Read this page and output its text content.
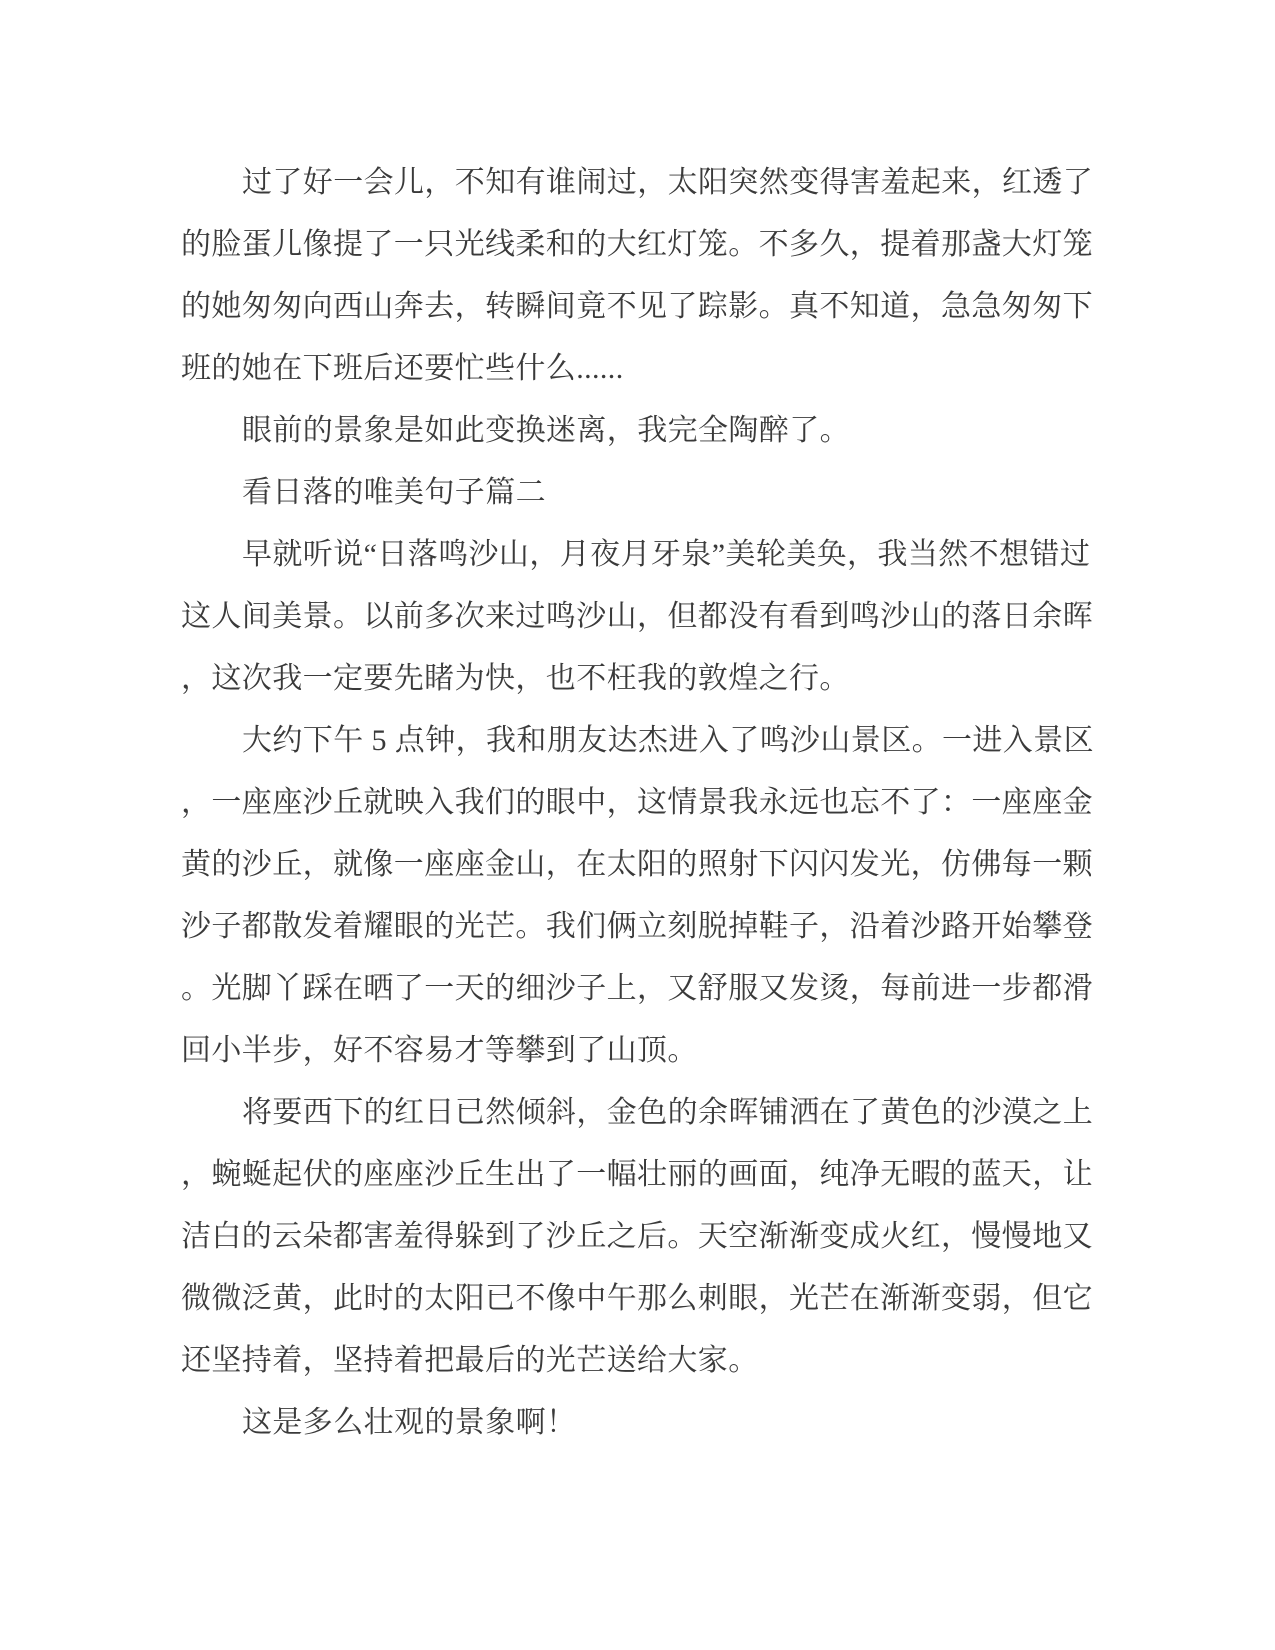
过了好一会儿，不知有谁闹过，太阳突然变得害羞起来，红透了
的脸蛋儿像提了一只光线柔和的大红灯笼。不多久，提着那盏大灯笼
的她匆匆向西山奔去，转瞬间竟不见了踪影。真不知道，急急匆匆下
班的她在下班后还要忙些什么......
眼前的景象是如此变换迷离，我完全陶醉了。
看日落的唯美句子篇二
早就听说“日落鸣沙山，月夜月牙泉”美轮美奂，我当然不想错过
这人间美景。以前多次来过鸣沙山，但都没有看到鸣沙山的落日余晖
，这次我一定要先睹为快，也不枉我的敦煌之行。
大约下午 5 点钟，我和朋友达杰进入了鸣沙山景区。一进入景区
，一座座沙丘就映入我们的眼中，这情景我永远也忘不了：一座座金
黄的沙丘，就像一座座金山，在太阳的照射下闪闪发光，仿佛每一颗
沙子都散发着耀眼的光芒。我们俩立刻脱掉鞋子，沿着沙路开始攀登
。光脚丫踩在晒了一天的细沙子上，又舒服又发烫，每前进一步都滑
回小半步，好不容易才等攀到了山顶。
将要西下的红日已然倾斜，金色的余晖铺洒在了黄色的沙漠之上
，蜿蜒起伏的座座沙丘生出了一幅壮丽的画面，纯净无暇的蓝天，让
洁白的云朵都害羞得躲到了沙丘之后。天空渐渐变成火红，慢慢地又
微微泛黄，此时的太阳已不像中午那么刺眼，光芒在渐渐变弱，但它
还坚持着，坚持着把最后的光芒送给大家。
这是多么壮观的景象啊！
